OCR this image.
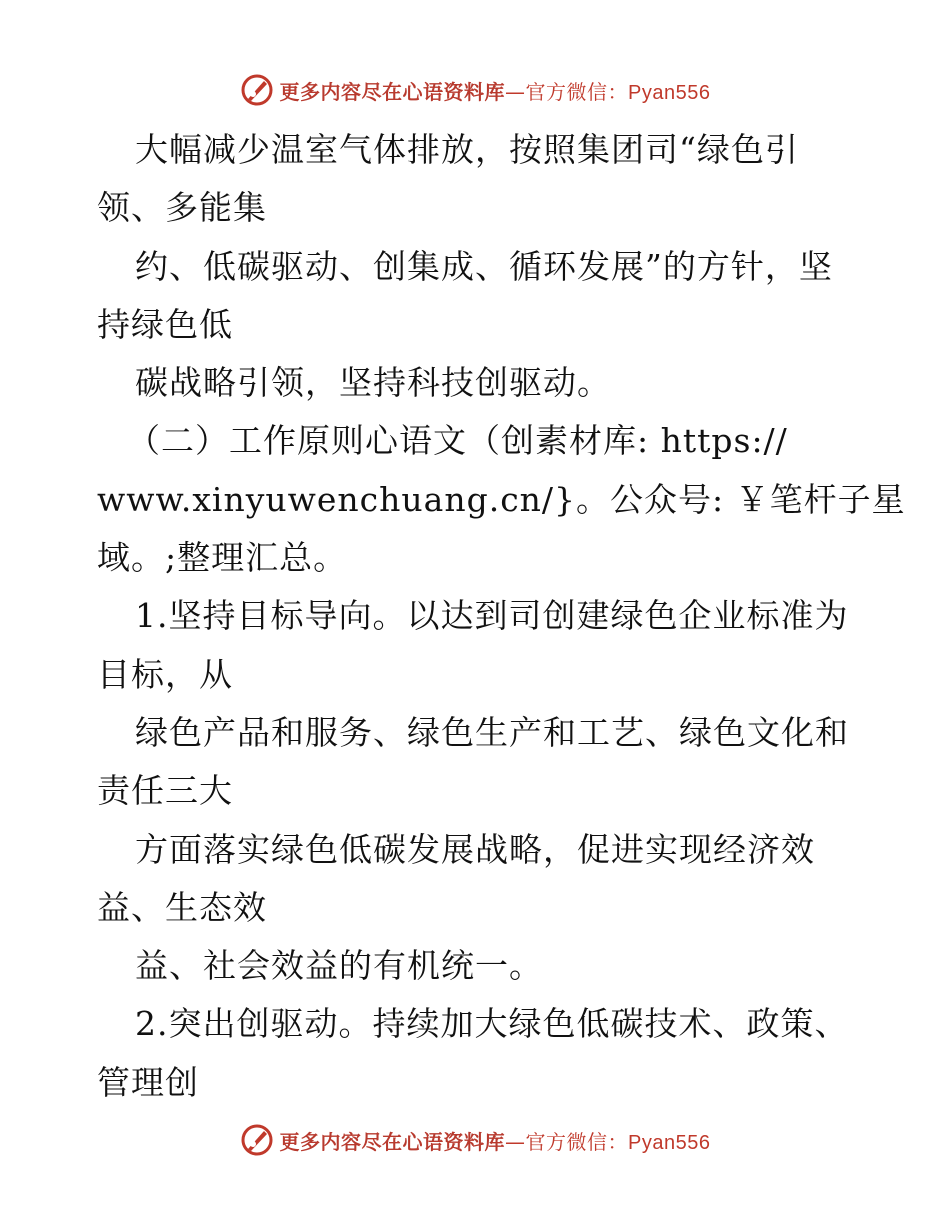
更多内容尽在心语资料库—官方微信：Pyan556
大幅减少温室气体排放，按照集团司“绿色引
领、多能集
约、低碳驱动、创集成、循环发展”的方针，坚
持绿色低
碳战略引领，坚持科技创驱动。
（二）工作原则心语文（创素材库: https://
www.xinyuwenchuang.cn/}。公众号: ￥笔杆子星
域。;整理汇总。
1.坚持目标导向。以达到司创建绿色企业标准为
目标，从
绿色产品和服务、绿色生产和工艺、绿色文化和
责任三大
方面落实绿色低碳发展战略，促进实现经济效
益、生态效
益、社会效益的有机统一。
2.突出创驱动。持续加大绿色低碳技术、政策、
管理创
更多内容尽在心语资料库—官方微信：Pyan556
